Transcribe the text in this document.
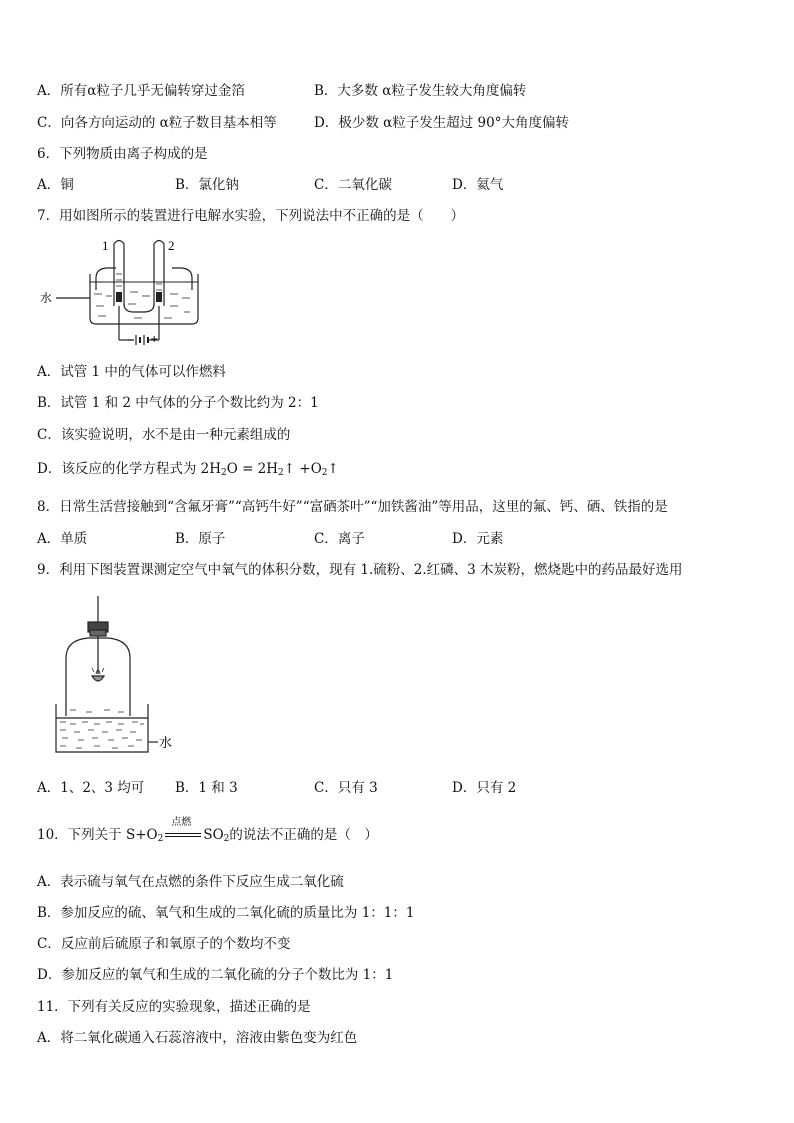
A．所有α粒子几乎无偏转穿过金箔	B．大多数 α粒子发生较大角度偏转
C．向各方向运动的 α粒子数目基本相等	D．极少数 α粒子发生超过 90°大角度偏转
6．下列物质由离子构成的是
A．铜	B．氯化钠	C．二氧化碳	D．氦气
7．用如图所示的装置进行电解水实验，下列说法中不正确的是（　　）
1	2
水
− +
A．试管 1 中的气体可以作燃料
B．试管 1 和 2 中气体的分子个数比约为 2：1
C．该实验说明，水不是由一种元素组成的
D．该反应的化学方程式为 $2H_2O$ = $2H_2↑$ $+O_2↑$
8．日常生活营接触到“含氟牙膏”“高钙牛好”“富硒茶叶”“加铁酱油”等用品，这里的氟、钙、硒、铁指的是
A．单质	B．原子	C．离子	D．元素
9．利用下图装置课测定空气中氧气的体积分数，现有 1.硫粉、2.红磷、3 木炭粉，燃烧匙中的药品最好选用
水
A．1、2、3 均可 B．1 和 3	C．只有 3	D．只有 2
10．下列关于 $S+O_2$
点燃
$SO_2$的说法不正确的是（　）
A．表示硫与氧气在点燃的条件下反应生成二氧化硫
B．参加反应的硫、氧气和生成的二氧化硫的质量比为 1：1：1
C．反应前后硫原子和氧原子的个数均不变
D．参加反应的氧气和生成的二氧化硫的分子个数比为 1：1
11．下列有关反应的实验现象，描述正确的是
A．将二氧化碳通入石蕊溶液中，溶液由紫色变为红色
